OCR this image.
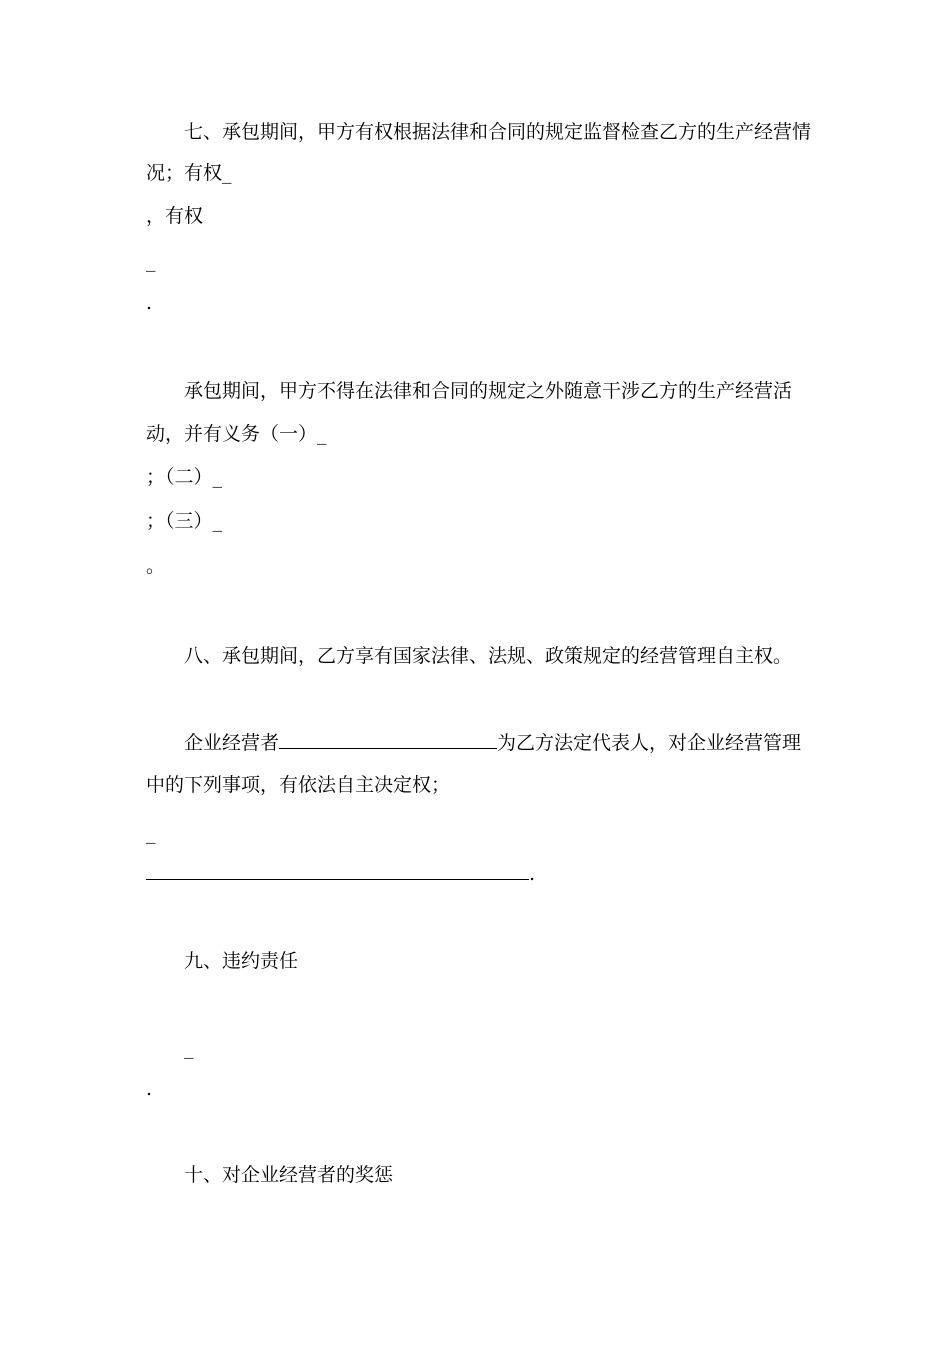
七、承包期间，甲方有权根据法律和合同的规定监督检查乙方的生产经营情
况；有权_
，有权
_
.
承包期间，甲方不得在法律和合同的规定之外随意干涉乙方的生产经营活
动，并有义务（一）_
；（二）_
；（三）_
。
八、承包期间，乙方享有国家法律、法规、政策规定的经营管理自主权。
企业经营者	为乙方法定代表人，对企业经营管理
中的下列事项，有依法自主决定权；
_
.
九、违约责任
_
.
十、对企业经营者的奖惩
